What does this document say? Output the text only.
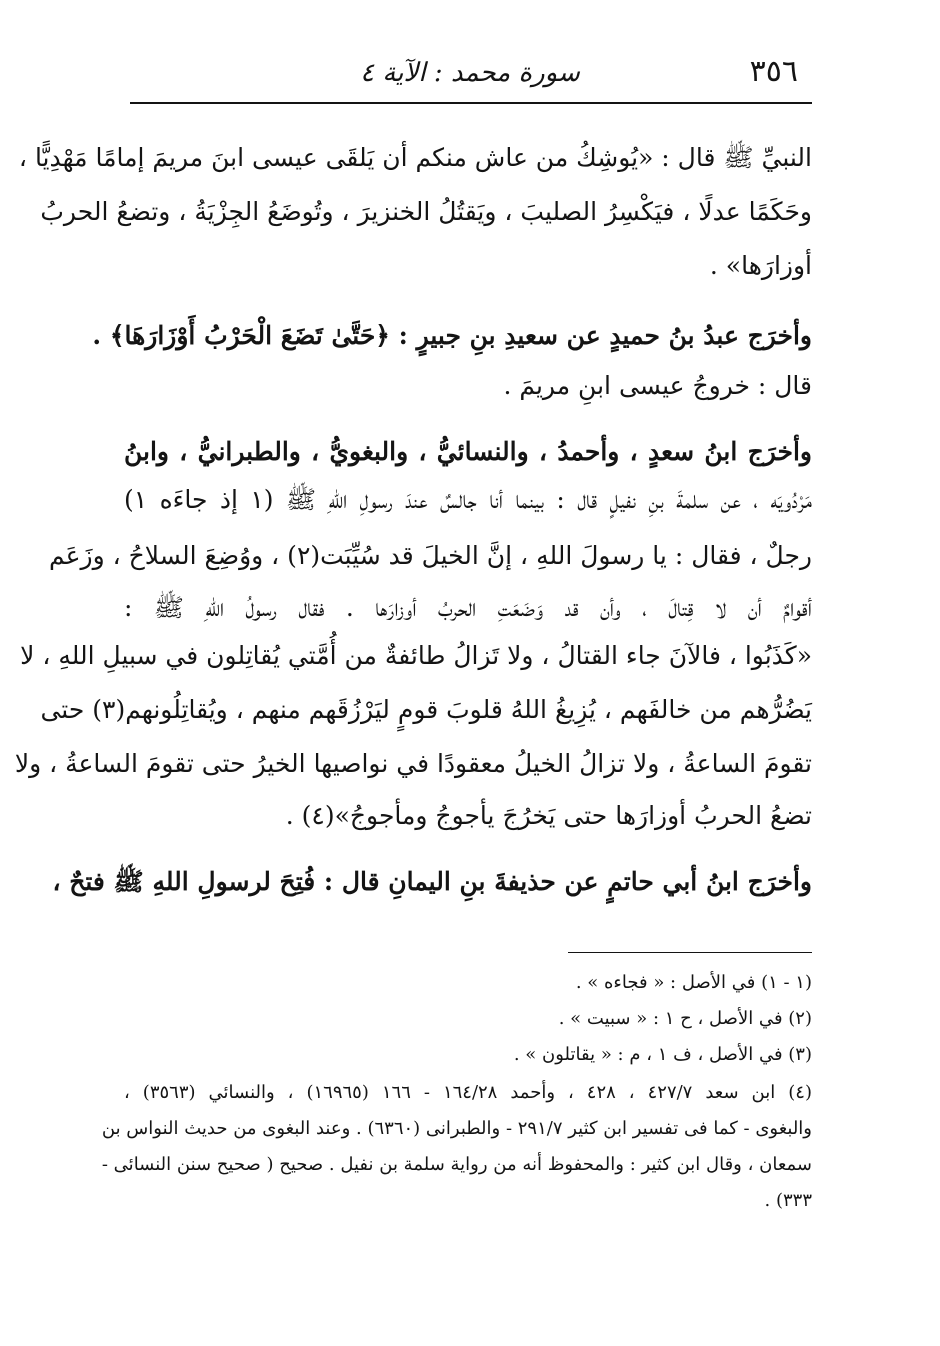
٣٥٦
سورة محمد : الآية ٤
النبيِّ ﷺ قال : «يُوشِكُ من عاش منكم أن يَلقَى عيسى ابنَ مريمَ إمامًا مَهْدِيًّا ،
وحَكَمًا عدلًا ، فيَكْسِرُ الصليبَ ، ويَقتُلُ الخنزيرَ ، وتُوضَعُ الجِزْيَةُ ، وتضعُ الحربُ
أوزارَها» .
وأخرَج عبدُ بنُ حميدٍ عن سعيدِ بنِ جبيرٍ : ﴿حَتَّىٰ تَضَعَ الْحَرْبُ أَوْزَارَهَا﴾ .
قال : خروجُ عيسى ابنِ مريمَ .
وأخرَج ابنُ سعدٍ ، وأحمدُ ، والنسائيُّ ، والبغويُّ ، والطبرانيُّ ، وابنُ
مَرْدُويَه ، عن سلمةَ بنِ نفيلٍ قال : بينما أنا جالسٌ عندَ رسولِ اللهِ ﷺ (١ إذ جاءَه ١)
رجلٌ ، فقال : يا رسولَ اللهِ ، إنَّ الخيلَ قد سُيِّبَت(٢) ، ووُضِعَ السلاحُ ، وزَعَم
أقوامٌ أن لا قِتالَ ، وأن قد وَضَعَتِ الحربُ أوزارَها . فقال رسولُ اللهِ ﷺ :
«كَذَبُوا ، فالآنَ جاء القتالُ ، ولا تَزالُ طائفةٌ من أُمَّتي يُقاتِلون في سبيلِ اللهِ ، لا
يَضُرُّهم من خالفَهم ، يُزِيغُ اللهُ قلوبَ قومٍ ليَرْزُقَهم منهم ، ويُقاتِلُونهم(٣) حتى
تقومَ الساعةُ ، ولا تزالُ الخيلُ معقودًا في نواصيها الخيرُ حتى تقومَ الساعةُ ، ولا
تضعُ الحربُ أوزارَها حتى يَخرُجَ يأجوجُ ومأجوجُ»(٤) .
وأخرَج ابنُ أبي حاتمٍ عن حذيفةَ بنِ اليمانِ قال : فُتِحَ لرسولِ اللهِ ﷺ فتحٌ ،
(١ - ١) في الأصل : « فجاءه » .
(٢) في الأصل ، ح ١ : « سبيت » .
(٣) في الأصل ، ف ١ ، م : « يقاتلون » .
(٤) ابن سعد ٤٢٧/٧ ، ٤٢٨ ، وأحمد ١٦٤/٢٨ - ١٦٦ (١٦٩٦٥) ، والنسائي (٣٥٦٣) ،
والبغوى - كما فى تفسير ابن كثير ٢٩١/٧ - والطبرانى (٦٣٦٠) . وعند البغوى من حديث النواس بن
سمعان ، وقال ابن كثير : والمحفوظ أنه من رواية سلمة بن نفيل . صحيح ( صحيح سنن النسائى -
٣٣٣) .
